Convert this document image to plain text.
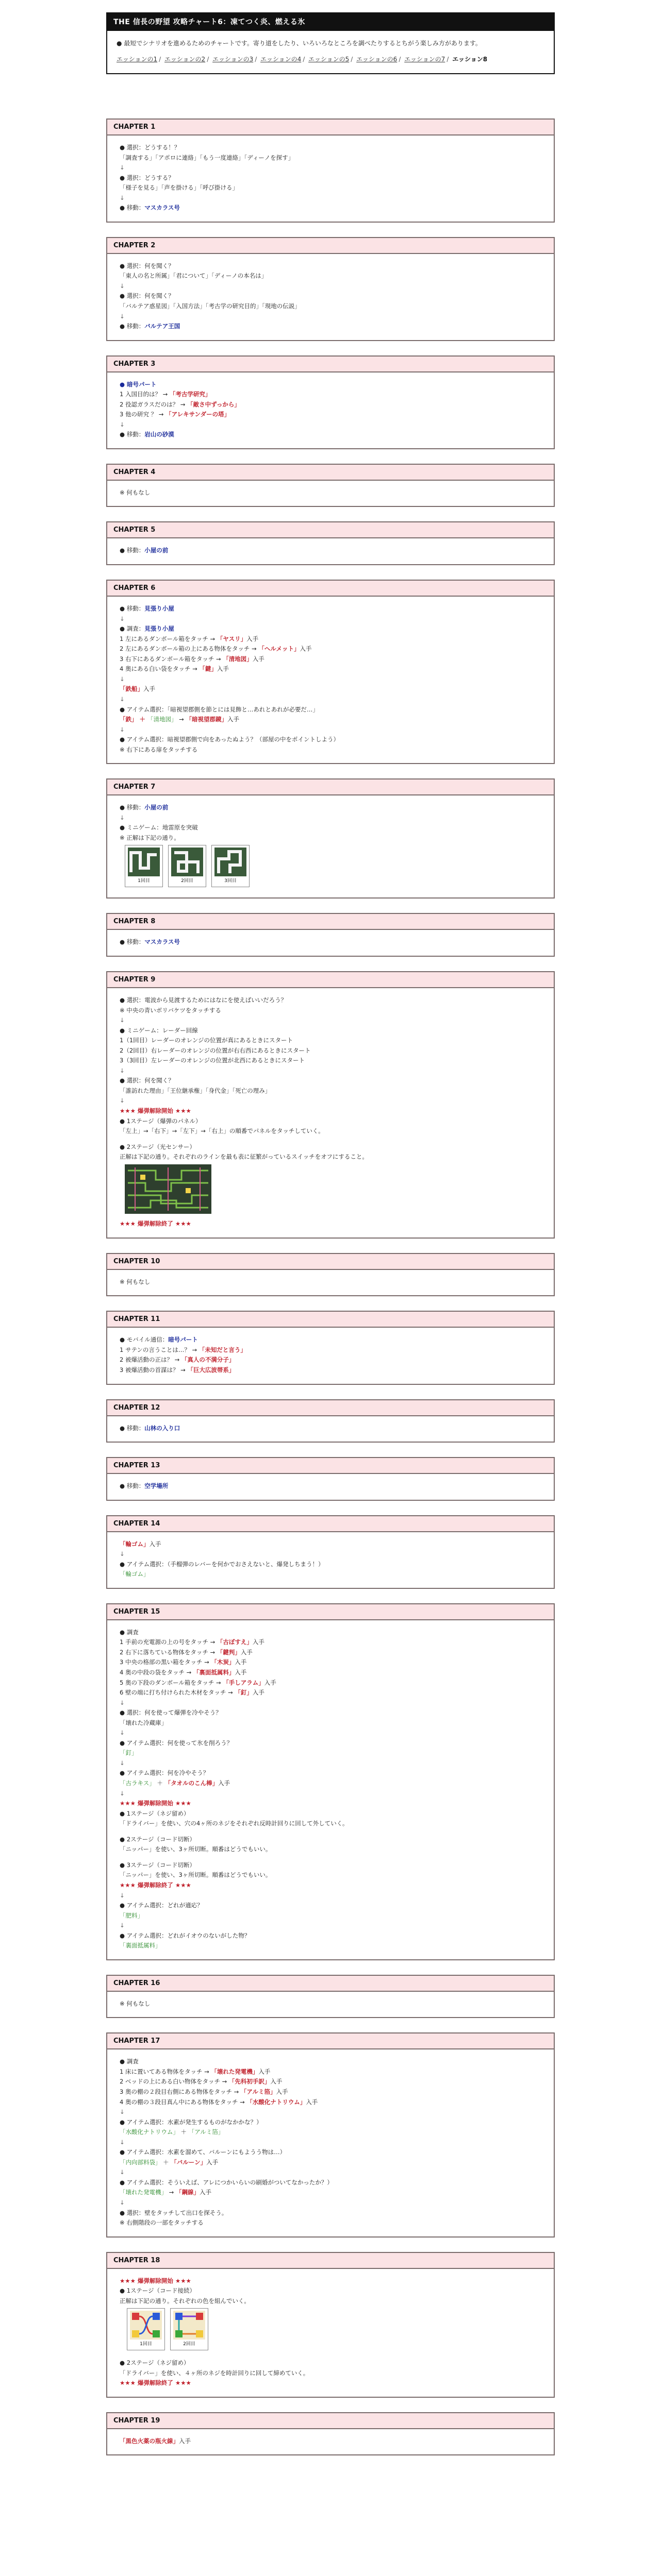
THE 信長の野望 攻略チャート6：凍てつく炎、燃える氷

● 最短でシナリオを進めるためのチャートです。寄り道をしたり、いろいろなところを調べたりするとちがう楽しみ方があります。

エッションの1 / エッションの2 / エッションの3 / エッションの4 / エッションの5 / エッションの6 / エッションの7 / エッション8
CHAPTER 1
● 選択：どうする！？
「調査する」「アポロに連絡」「もう一度連絡」「ディーノを探す」
↓
● 選択：どうする？
「様子を見る」「声を掛ける」「呼び掛ける」
↓
● 移動：マスカラス号
CHAPTER 2
● 選択：何を聞く？
「東人の名と所属」「君について」「ディーノの本名は」
↓
● 選択：何を聞く？
「バルテア惑星図」「入国方法」「考古学の研究目的」「現地の伝説」
↓
● 移動：バルテア王国
CHAPTER 3
● 暗号パート
1 入国目的は？ → 「考古学研究」
2 役認ガラスだのは？ → 「敵さ中ずっから」
3 他の研究 ？ → 「アレキサンダーの塔」
↓
● 移動：岩山の砂漠
CHAPTER 4
※ 何もなし
CHAPTER 5
● 移動：小屋の前
CHAPTER 6
● 移動：見張り小屋
↓
● 調査：見張り小屋
1 左にあるダンボール箱をタッチ → 「ヤスリ」入手
2 左にあるダンボール箱の上にある物体をタッチ → 「ヘルメット」入手
3 右下にあるダンボール箱をタッチ → 「清地図」入手
4 奥にある白い袋をタッチ → 「鍵」入手
↓
「鉄船」入手
↓
● アイテム選択：「暗視望郡側を節とには見飾と…あれとあれが必要だ…」
「鉄」 ＋ 「清地図」 → 「暗視望郡鏡」入手
↓
● アイテム選択：暗視望郡側で向をあったぬよう？（部屋の中をポイントしよう）
※ 右下にある扉をタッチする
CHAPTER 7
● 移動：小屋の前
↓
● ミニゲーム：地雷原を突破
※ 正解は下記の通り。
1回目	2回目	3回目
CHAPTER 8
● 移動：マスカラス号
CHAPTER 9
● 選択：電波から見渡するためにはなにを使えばいいだろう？
※ 中央の青いボリバケツをタッチする
↓
● ミニゲーム：レーダー回線
1（1回目）レーダーのオレンジの位置が真にあるときにスタート
2（2回目）右レーダーのオレンジの位置が右右西にあるときにスタート
3（3回目）左レーダーのオレンジの位置が北西にあるときにスタート
↓
● 選択：何を聞く？
「誰訪れた理由」「王位継承権」「身代金」「死亡の理み」
↓
★★★ 爆弾解除開始 ★★★
● 1ステージ（爆弾のパネル）
「左上」→「右下」→「左下」→「右上」の順番でパネルをタッチしていく。
● 2ステージ（光センサー）
正解は下記の通り。それぞれのラインを最も表に征繁がっているスイッチをオフにすること。
★★★ 爆弾解除終了 ★★★
CHAPTER 10
※ 何もなし
CHAPTER 11
● モバイル通信：暗号パート
1 サテンの言うことは…？ → 「未知だと言う」
2 被爆活動の正は？ → 「真人の不満分子」
3 被爆活動の首謀は？ → 「巨大広波帯系」
CHAPTER 12
● 移動：山林の入り口
CHAPTER 13
● 移動：空学場所
CHAPTER 14
「輪ゴム」入手
↓
● アイテム選択：（手榴弾のレバーを何かでおさえないと、爆発しちまう！）
「輪ゴム」
CHAPTER 15
● 調査
1 手前の充電源の上の号をタッチ → 「古ぼすえ」入手
2 右下に落ちている物体をタッチ → 「鍵判」入手
3 中央の格部の黒い箱をタッチ → 「木炭」入手
4 奥の中段の袋をタッチ → 「裏面抵属料」入手
5 奥の下段のダンボール箱をタッチ → 「手しアラム」入手
6 壁の端に打ち付けられた木材をタッチ → 「釘」入手
↓
● 選択：何を使って爆弾を冷やそう？
「壊れた冷蔵庫」
↓
● アイテム選択：何を使って氷を削ろう？
「釘」
↓
● アイテム選択：何を冷やそう？
「古ラキス」 ＋ 「タオルのこん棒」入手
↓
★★★ 爆弾解除開始 ★★★
● 1ステージ（ネジ留め）
「ドライバー」を使い、穴の4ヶ所のネジをそれぞれ反時計回りに回して外していく。
● 2ステージ（コード切断）
「ニッパー」を使い、3ヶ所切断。順番はどうでもいい。
● 3ステージ（コード切断）
「ニッパー」を使い、3ヶ所切断。順番はどうでもいい。
★★★ 爆弾解除終了 ★★★
↓
● アイテム選択：どれが適応？
「肥料」
↓
● アイテム選択：どれがイオウのないがした物？
「裏面抵属料」
CHAPTER 16
※ 何もなし
CHAPTER 17
● 調査
1 床に置いてある物体をタッチ → 「壊れた発電機」入手
2 ベッドの上にある白い物体をタッチ → 「先科初手訳」入手
3 奥の棚の２段目右側にある物体をタッチ → 「アルミ箔」入手
4 奥の棚の３段目真ん中にある物体をタッチ → 「水酸化ナトリウム」入手
↓
● アイテム選択：水素が発生するものがなかかな？）
「水酸化ナトリウム」 ＋ 「アルミ箔」
↓
● アイテム選択：水素を溜めて、バルーンにもようう物は…）
「内向部料袋」 ＋ 「バルーン」入手
↓
● アイテム選択：そういえば、アレにつかいらいの刷婚がついてなかったか？）
「壊れた発電機」 → 「鋼線」入手
↓
● 選択：壁をタッチして出口を探そう。
※ 右側階段の一部をタッチする
CHAPTER 18
★★★ 爆弾解除開始 ★★★
● 1ステージ（コード接続）
正解は下記の通り。それぞれの色を組んでいく。
1回目	2回目
● 2ステージ（ネジ留め）
「ドライバー」を使い、４ヶ所のネジを時計回りに回して締めていく。
★★★ 爆弾解除終了 ★★★
CHAPTER 19
「黒色火薬の瓶火線」入手
